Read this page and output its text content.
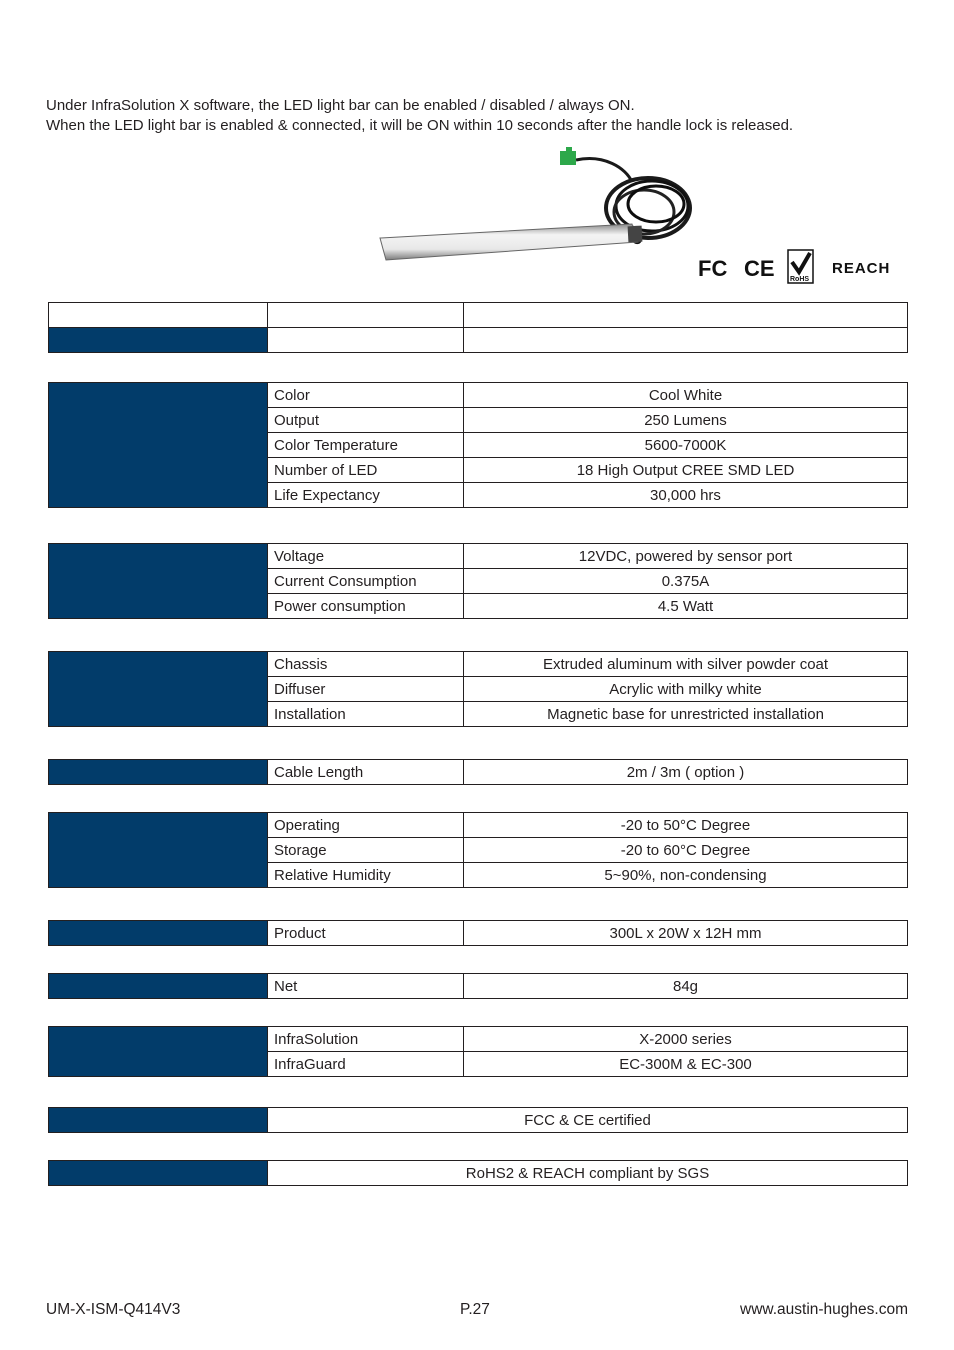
Under InfraSolution X software, the LED light bar can be enabled / disabled / always ON.

When the LED light bar is enabled & connected, it will be ON within 10 seconds after the handle lock is released.

FC CE RoHS
REACH

	Color	Cool White
	Output	250 Lumens
	Color Temperature	5600-7000K
	Number of LED	18 High Output CREE SMD LED
	Life Expectancy	30,000 hrs
	Voltage	12VDC, powered by sensor port
	Current Consumption	0.375A
	Power consumption	4.5 Watt
	Chassis	Extruded aluminum with silver powder coat
	Diffuser	Acrylic with milky white
	Installation	Magnetic base for unrestricted installation
	Cable Length	2m / 3m ( option )
	Operating	-20 to 50°C Degree
	Storage	-20 to 60°C Degree
	Relative Humidity	5~90%, non-condensing
	Product	300L x 20W x 12H mm
	Net	84g
	InfraSolution	X-2000 series
	InfraGuard	EC-300M & EC-300
	FCC & CE certified
	RoHS2 & REACH compliant by SGS
UM-X-ISM-Q414V3	P.27	www.austin-hughes.com
